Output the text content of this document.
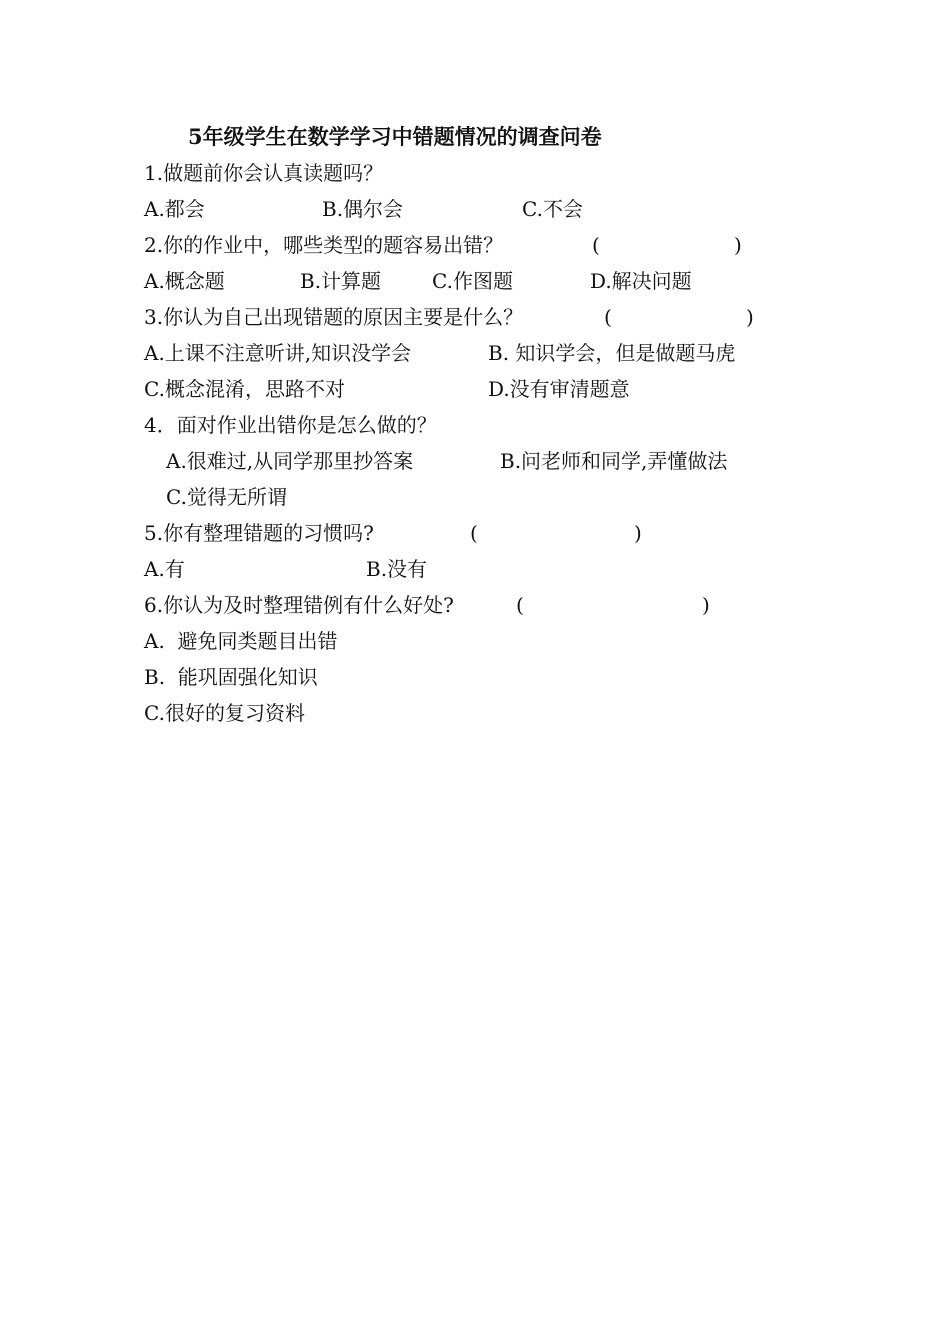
5年级学生在数学学习中错题情况的调查问卷
1.做题前你会认真读题吗？
A.都会	B.偶尔会	C.不会
2.你的作业中，哪些类型的题容易出错？	(	)
A.概念题	B.计算题	C.作图题	D.解决问题
3.你认为自己出现错题的原因主要是什么？	(	)
A.上课不注意听讲,知识没学会	B. 知识学会，但是做题马虎
C.概念混淆，思路不对	D.没有审清题意
4．面对作业出错你是怎么做的？
A.很难过,从同学那里抄答案	B.问老师和同学,弄懂做法
C.觉得无所谓
5.你有整理错题的习惯吗?	(	)
A.有	B.没有
6.你认为及时整理错例有什么好处?	(	)
A.  避免同类题目出错
B.  能巩固强化知识
C.很好的复习资料
